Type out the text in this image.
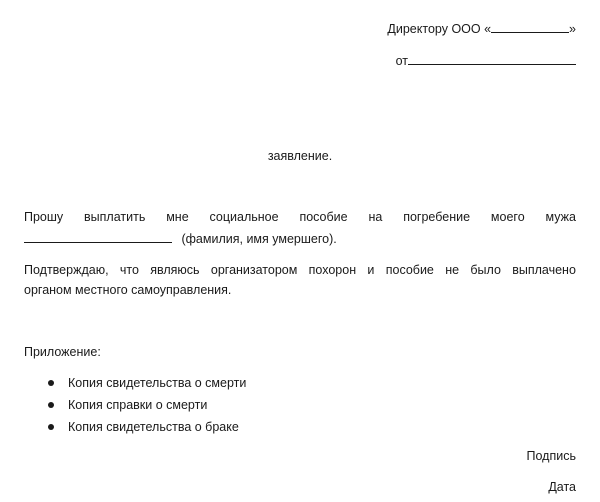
Директору ООО «	»
от
заявление.
Прошу выплатить мне социальное пособие на погребение моего мужа
(фамилия, имя умершего).
Подтверждаю, что являюсь организатором похорон и пособие не было выплачено
органом местного самоуправления.
Приложение:
Копия свидетельства о смерти
Копия справки о смерти
Копия свидетельства о браке
Подпись
Дата
